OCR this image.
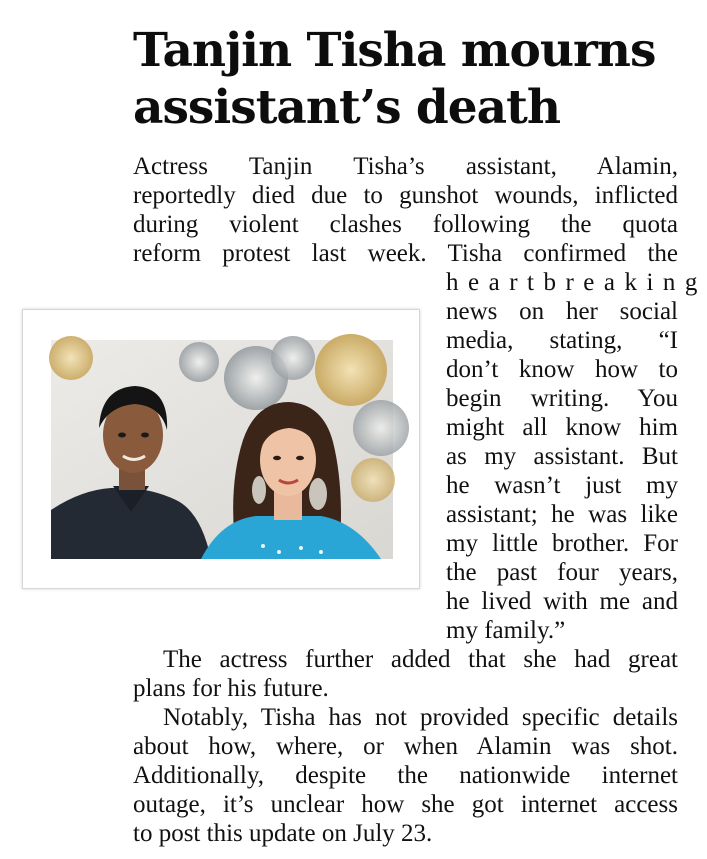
Tanjin Tisha mourns
assistant’s death
Actress Tanjin Tisha’s assistant, Alamin,
reportedly died due to gunshot wounds, inflicted
during violent clashes following the quota
reform protest last week. Tisha confirmed the
heartbreaking
news on her social
media, stating, “I
don’t know how to
begin writing. You
might all know him
as my assistant. But
he wasn’t just my
assistant; he was like
my little brother. For
the past four years,
he lived with me and
my family.”
The actress further added that she had great
plans for his future.
Notably, Tisha has not provided specific details
about how, where, or when Alamin was shot.
Additionally, despite the nationwide internet
outage, it’s unclear how she got internet access
to post this update on July 23.
